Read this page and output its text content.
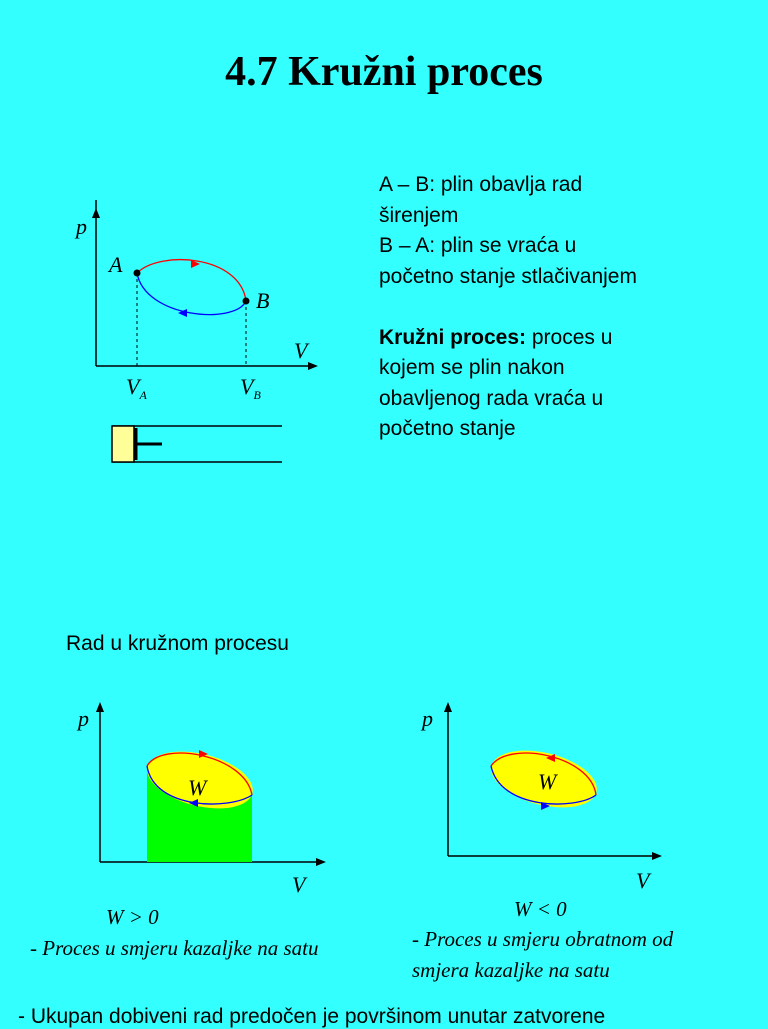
4.7 Kružni proces
p
V
A
B
$V_A$	$V_B$

A – B: plin obavlja rad

širenjem

B – A: plin se vraća u

početno stanje stlačivanjem

Kružni proces: proces u

kojem se plin nakon

obavljenog rada vraća u

početno stanje

Rad u kružnom procesu
p
V
W
p
V
W
W > 0
- Proces u smjeru kazaljke na satu
W < 0
- Proces u smjeru obratnom od
smjera kazaljke na satu
- Ukupan dobiveni rad predočen je površinom unutar zatvorene
